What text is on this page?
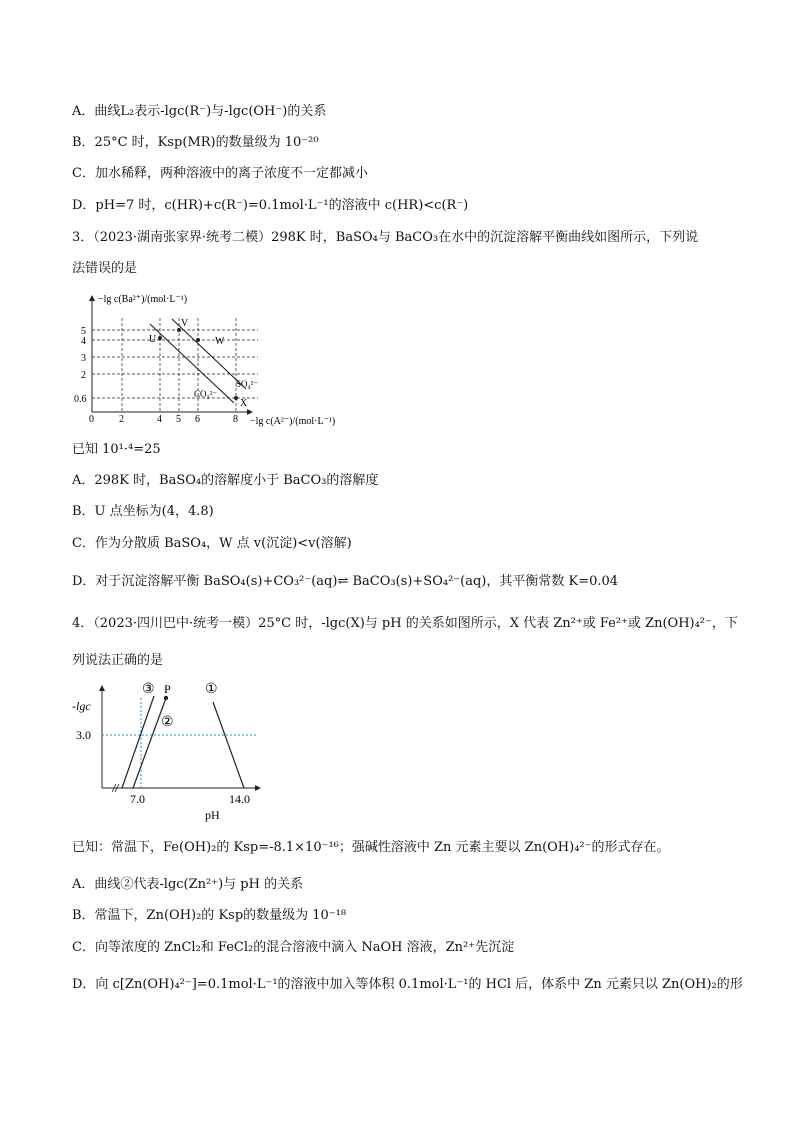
A．曲线L₂表示-lgc(R⁻)与-lgc(OH⁻)的关系
B．25°C 时，Ksp(MR)的数量级为 10⁻²⁰
C．加水稀释，两种溶液中的离子浓度不一定都减小
D．pH=7 时，c(HR)+c(R⁻)=0.1mol·L⁻¹的溶液中 c(HR)<c(R⁻)
3．（2023·湖南张家界·统考二模）298K 时，BaSO₄与 BaCO₃在水中的沉淀溶解平衡曲线如图所示，下列说
法错误的是
U
V
W
X
SO₄²⁻
CO₃²⁻
5
4
3
2
0.6
0	2	4 5 6	8
−lg c(Ba²⁺)/(mol·L⁻¹)
−lg c(A²⁻)/(mol·L⁻¹)
已知 10¹·⁴=25
A．298K 时，BaSO₄的溶解度小于 BaCO₃的溶解度
B．U 点坐标为(4，4.8)
C．作为分散质 BaSO₄，W 点 v(沉淀)<v(溶解)
D．对于沉淀溶解平衡 BaSO₄(s)+CO₃²⁻(aq)⇌ BaCO₃(s)+SO₄²⁻(aq)，其平衡常数 K=0.04
4．（2023·四川巴中·统考一模）25°C 时，-lgc(X)与 pH 的关系如图所示，X 代表 Zn²⁺或 Fe²⁺或 Zn(OH)₄²⁻，下
列说法正确的是
P
③
②
①
-lgc
3.0
7.0	14.0
pH
已知：常温下，Fe(OH)₂的 Ksp=-8.1×10⁻¹⁶；强碱性溶液中 Zn 元素主要以 Zn(OH)₄²⁻的形式存在。
A．曲线②代表-lgc(Zn²⁺)与 pH 的关系
B．常温下，Zn(OH)₂的 Ksp的数量级为 10⁻¹⁸
C．向等浓度的 ZnCl₂和 FeCl₂的混合溶液中滴入 NaOH 溶液，Zn²⁺先沉淀
D．向 c[Zn(OH)₄²⁻]=0.1mol·L⁻¹的溶液中加入等体积 0.1mol·L⁻¹的 HCl 后，体系中 Zn 元素只以 Zn(OH)₂的形
